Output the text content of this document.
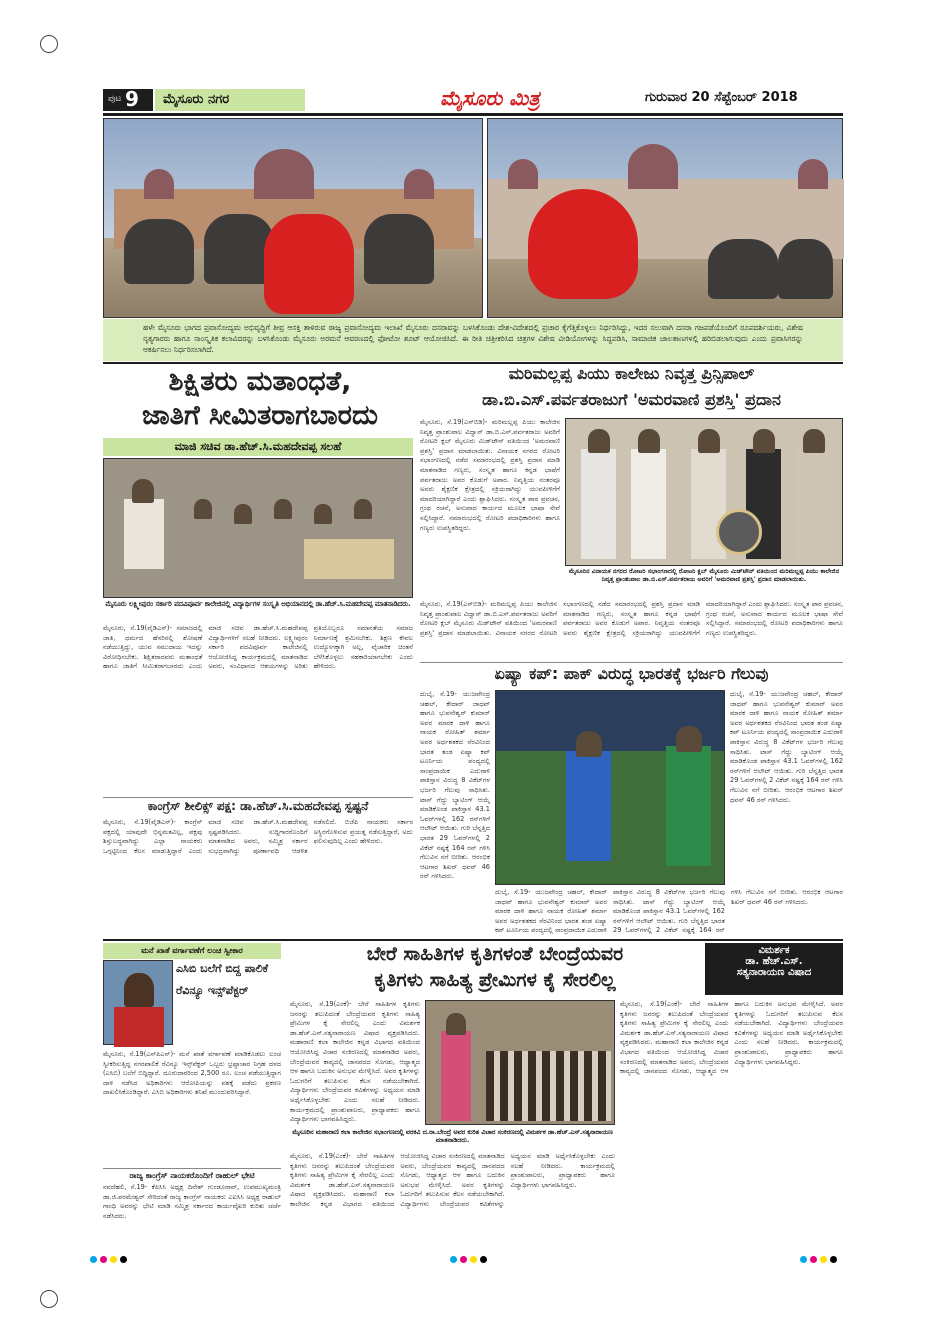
ಪುಟ 9	ಮೈಸೂರು ನಗರ	ಮೈಸೂರು ಮಿತ್ರ	ಗುರುವಾರ 20 ಸೆಪ್ಟೆಂಬರ್ 2018
ಹಳೇ ಮೈಸೂರು ಭಾಗದ ಪ್ರವಾಸೋದ್ಯಮ ಅಭಿವೃದ್ಧಿಗೆ ತೀವ್ರ ಆಸಕ್ತಿ ತಾಳಿರುವ ರಾಜ್ಯ ಪ್ರವಾಸೋದ್ಯಮ ಇಲಾಖೆ ಮೈಸೂರು ದಸರಾವನ್ನು ಬಳಸಿಕೊಂಡು ದೇಶ-ವಿದೇಶದಲ್ಲಿ ಪ್ರಚಾರ ಕೈಗೆತ್ತಿಕೊಳ್ಳಲು ನಿರ್ಧರಿಸಿದ್ದು, ಇದರ ಸಲುವಾಗಿ ದಸರಾ ಗಜಪಡೆಯೊಂದಿಗೆ ರೂಪದರ್ಶಿಯರು, ವಿಶೇಷ ನೃತ್ಯಗಾರರು ಹಾಗೂ ಸಾಂಸ್ಕೃತಿಕ ಕಲಾವಿದರನ್ನು ಬಳಸಿಕೊಂಡು ಮೈಸೂರು ಅರಮನೆ ಆವರಣದಲ್ಲಿ ಫೋಟೋ ಶೂಟ್ ಆಯೋಜಿಸಿದೆ. ಈ ರೀತಿ ಚಿತ್ರೀಕರಿಸಿದ ಚಿತ್ರಗಳ ವಿಶೇಷ ವೀಡಿಯೋಗಳನ್ನು ಸಿದ್ಧಪಡಿಸಿ, ಸಾಮಾಜಿಕ ಜಾಲತಾಣಗಳಲ್ಲಿ ಹರಿಬಿಡಲಾಗುವುದು ಎಂದು ಪ್ರವಾಸಿಗರನ್ನು ಆಕರ್ಷಿಸಲು ನಿರ್ಧರಿಸಲಾಗಿದೆ.
ಶಿಕ್ಷಿತರು ಮತಾಂಧತೆ,
ಜಾತಿಗೆ ಸೀಮಿತರಾಗಬಾರದು
ಮಾಜಿ ಸಚಿವ ಡಾ.ಹೆಚ್.ಸಿ.ಮಹದೇವಪ್ಪ ಸಲಹೆ
ಮೈಸೂರು ಲಕ್ಷ್ಮೀಪುರಂ ಸರ್ಕಾರಿ ಪದವಿಪೂರ್ವ ಕಾಲೇಜಿನಲ್ಲಿ ವಿದ್ಯಾರ್ಥಿಗಳ ಸಂಸ್ಕೃತಿ ಅಭಿಯಾನದಲ್ಲಿ ಡಾ.ಹೆಚ್.ಸಿ.ಮಹದೇವಪ್ಪ ಮಾತನಾಡಿದರು.
ಮೈಸೂರು, ಸೆ.19(ವೈಡಿಎಸ್)- ಸಮಾಜದಲ್ಲಿ ಜಾತಿ, ಧರ್ಮದ ಹೆಸರಿನಲ್ಲಿ ಶೋಷಣೆ ನಡೆಯುತ್ತಿದ್ದು, ಯುವ ಸಮುದಾಯ ಇದನ್ನು ವಿರೋಧಿಸಬೇಕು. ಶಿಕ್ಷಿತರಾದವರು ಮತಾಂಧತೆ ಹಾಗೂ ಜಾತಿಗೆ ಸೀಮಿತರಾಗಬಾರದು ಎಂದು ಮಾಜಿ ಸಚಿವ ಡಾ.ಹೆಚ್.ಸಿ.ಮಹದೇವಪ್ಪ ವಿದ್ಯಾರ್ಥಿಗಳಿಗೆ ಸಲಹೆ ನೀಡಿದರು. ಲಕ್ಷ್ಮೀಪುರಂ ಸರ್ಕಾರಿ ಪದವಿಪೂರ್ವ ಕಾಲೇಜಿನಲ್ಲಿ ಆಯೋಜಿಸಿದ್ದ ಕಾರ್ಯಕ್ರಮದಲ್ಲಿ ಮಾತನಾಡಿದ ಅವರು, ಸಂವಿಧಾನದ ಆಶಯಗಳನ್ನು ಅರಿತು ಪ್ರತಿಯೊಬ್ಬರೂ ಸಮಾನತೆಯ ಸಮಾಜ ನಿರ್ಮಾಣಕ್ಕೆ ಶ್ರಮಿಸಬೇಕು. ಶಿಕ್ಷಣ ಕೇವಲ ಉದ್ಯೋಗಕ್ಕಾಗಿ ಅಲ್ಲ, ವೈಚಾರಿಕ ಚಿಂತನೆ ಬೆಳೆಸಿಕೊಳ್ಳಲು ಸಹಕಾರಿಯಾಗಬೇಕು ಎಂದು ಹೇಳಿದರು.
ಮರಿಮಲ್ಲಪ್ಪ ಪಿಯು ಕಾಲೇಜು ನಿವೃತ್ತ ಪ್ರಿನ್ಸಿಪಾಲ್
ಡಾ.ಬಿ.ಎಸ್.ಪರ್ವತರಾಜುಗೆ 'ಅಮರವಾಣಿ ಪ್ರಶಸ್ತಿ' ಪ್ರದಾನ
ಮೈಸೂರಿನ ವಿನಾಯಕ ನಗರದ ರೋಟರಿ ಸಭಾಂಗಣದಲ್ಲಿ ರೋಟರಿ ಕ್ಲಬ್ ಮೈಸೂರು ಮಿಡ್‌ಟೌನ್ ವತಿಯಿಂದ ಮರಿಮಲ್ಲಪ್ಪ ಪಿಯು ಕಾಲೇಜಿನ ನಿವೃತ್ತ ಪ್ರಾಂಶುಪಾಲ ಡಾ.ಬಿ.ಎಸ್.ಪರ್ವತರಾಜು ಅವರಿಗೆ 'ಅಮರವಾಣಿ ಪ್ರಶಸ್ತಿ' ಪ್ರದಾನ ಮಾಡಲಾಯಿತು.
ಮೈಸೂರು, ಸೆ.19(ಎಸ್‌ಬಿಡಿ)- ಮರಿಮಲ್ಲಪ್ಪ ಪಿಯು ಕಾಲೇಜಿನ ನಿವೃತ್ತ ಪ್ರಾಂಶುಪಾಲ ವಿದ್ವಾನ್ ಡಾ.ಬಿ.ಎಸ್.ಪರ್ವತರಾಜು ಅವರಿಗೆ ರೋಟರಿ ಕ್ಲಬ್ ಮೈಸೂರು ಮಿಡ್‌ಟೌನ್ ವತಿಯಿಂದ 'ಅಮರವಾಣಿ ಪ್ರಶಸ್ತಿ' ಪ್ರದಾನ ಮಾಡಲಾಯಿತು. ವಿನಾಯಕ ನಗರದ ರೋಟರಿ ಸಭಾಂಗಣದಲ್ಲಿ ನಡೆದ ಸಮಾರಂಭದಲ್ಲಿ ಪ್ರಶಸ್ತಿ ಪ್ರದಾನ ಮಾಡಿ ಮಾತನಾಡಿದ ಗಣ್ಯರು, ಸಂಸ್ಕೃತ ಹಾಗೂ ಕನ್ನಡ ಭಾಷೆಗೆ ಪರ್ವತರಾಜು ಅವರ ಕೊಡುಗೆ ಅಪಾರ. ನಿವೃತ್ತಿಯ ನಂತರವೂ ಅವರು ಶೈಕ್ಷಣಿಕ ಕ್ಷೇತ್ರದಲ್ಲಿ ಸಕ್ರಿಯರಾಗಿದ್ದು ಯುವಪೀಳಿಗೆಗೆ ಮಾದರಿಯಾಗಿದ್ದಾರೆ ಎಂದು ಶ್ಲಾಘಿಸಿದರು. ಸಂಸ್ಕೃತ ಪಾಠ ಪ್ರವಚನ, ಗ್ರಂಥ ರಚನೆ, ಅನುವಾದ ಕಾರ್ಯದ ಮೂಲಕ ಭಾಷಾ ಸೇವೆ ಸಲ್ಲಿಸಿದ್ದಾರೆ. ಸಮಾರಂಭದಲ್ಲಿ ರೋಟರಿ ಪದಾಧಿಕಾರಿಗಳು ಹಾಗೂ ಗಣ್ಯರು ಉಪಸ್ಥಿತರಿದ್ದರು.
ಮೈಸೂರು, ಸೆ.19(ಎಸ್‌ಬಿಡಿ)- ಮರಿಮಲ್ಲಪ್ಪ ಪಿಯು ಕಾಲೇಜಿನ ನಿವೃತ್ತ ಪ್ರಾಂಶುಪಾಲ ವಿದ್ವಾನ್ ಡಾ.ಬಿ.ಎಸ್.ಪರ್ವತರಾಜು ಅವರಿಗೆ ರೋಟರಿ ಕ್ಲಬ್ ಮೈಸೂರು ಮಿಡ್‌ಟೌನ್ ವತಿಯಿಂದ 'ಅಮರವಾಣಿ ಪ್ರಶಸ್ತಿ' ಪ್ರದಾನ ಮಾಡಲಾಯಿತು. ವಿನಾಯಕ ನಗರದ ರೋಟರಿ ಸಭಾಂಗಣದಲ್ಲಿ ನಡೆದ ಸಮಾರಂಭದಲ್ಲಿ ಪ್ರಶಸ್ತಿ ಪ್ರದಾನ ಮಾಡಿ ಮಾತನಾಡಿದ ಗಣ್ಯರು, ಸಂಸ್ಕೃತ ಹಾಗೂ ಕನ್ನಡ ಭಾಷೆಗೆ ಪರ್ವತರಾಜು ಅವರ ಕೊಡುಗೆ ಅಪಾರ. ನಿವೃತ್ತಿಯ ನಂತರವೂ ಅವರು ಶೈಕ್ಷಣಿಕ ಕ್ಷೇತ್ರದಲ್ಲಿ ಸಕ್ರಿಯರಾಗಿದ್ದು ಯುವಪೀಳಿಗೆಗೆ ಮಾದರಿಯಾಗಿದ್ದಾರೆ ಎಂದು ಶ್ಲಾಘಿಸಿದರು. ಸಂಸ್ಕೃತ ಪಾಠ ಪ್ರವಚನ, ಗ್ರಂಥ ರಚನೆ, ಅನುವಾದ ಕಾರ್ಯದ ಮೂಲಕ ಭಾಷಾ ಸೇವೆ ಸಲ್ಲಿಸಿದ್ದಾರೆ. ಸಮಾರಂಭದಲ್ಲಿ ರೋಟರಿ ಪದಾಧಿಕಾರಿಗಳು ಹಾಗೂ ಗಣ್ಯರು ಉಪಸ್ಥಿತರಿದ್ದರು.
ಏಷ್ಯಾ ಕಪ್: ಪಾಕ್ ವಿರುದ್ಧ ಭಾರತಕ್ಕೆ ಭರ್ಜರಿ ಗೆಲುವು
ದುಬೈ, ಸೆ.19- ಯುಜವೇಂದ್ರ ಚಹಲ್, ಕೇದಾರ್ ಜಾಧವ್ ಹಾಗೂ ಭುವನೇಶ್ವರ್ ಕುಮಾರ್ ಅವರ ಮಾರಕ ದಾಳಿ ಹಾಗೂ ನಾಯಕ ರೋಹಿತ್ ಶರ್ಮಾ ಅವರ ಅರ್ಧಶತಕದ ನೆರವಿನಿಂದ ಭಾರತ ತಂಡ ಏಷ್ಯಾ ಕಪ್ ಟೂರ್ನಿಯ ಪಂದ್ಯದಲ್ಲಿ ಸಾಂಪ್ರದಾಯಿಕ ಎದುರಾಳಿ ಪಾಕಿಸ್ತಾನ ವಿರುದ್ಧ 8 ವಿಕೆಟ್‌ಗಳ ಭರ್ಜರಿ ಗೆಲುವು ಸಾಧಿಸಿತು. ಟಾಸ್ ಗೆದ್ದು ಬ್ಯಾಟಿಂಗ್ ಆಯ್ಕೆ ಮಾಡಿಕೊಂಡ ಪಾಕಿಸ್ತಾನ 43.1 ಓವರ್‌ಗಳಲ್ಲಿ 162 ರನ್‌ಗಳಿಗೆ ಆಲೌಟ್ ಆಯಿತು. ಗುರಿ ಬೆನ್ನತ್ತಿದ ಭಾರತ 29 ಓವರ್‌ಗಳಲ್ಲಿ 2 ವಿಕೆಟ್ ನಷ್ಟಕ್ಕೆ 164 ರನ್ ಗಳಿಸಿ ಗೆಲುವಿನ ನಗೆ ಬೀರಿತು. ಆರಂಭಿಕ ಆಟಗಾರ ಶಿಖರ್ ಧವನ್ 46 ರನ್ ಗಳಿಸಿದರು.
ದುಬೈ, ಸೆ.19- ಯುಜವೇಂದ್ರ ಚಹಲ್, ಕೇದಾರ್ ಜಾಧವ್ ಹಾಗೂ ಭುವನೇಶ್ವರ್ ಕುಮಾರ್ ಅವರ ಮಾರಕ ದಾಳಿ ಹಾಗೂ ನಾಯಕ ರೋಹಿತ್ ಶರ್ಮಾ ಅವರ ಅರ್ಧಶತಕದ ನೆರವಿನಿಂದ ಭಾರತ ತಂಡ ಏಷ್ಯಾ ಕಪ್ ಟೂರ್ನಿಯ ಪಂದ್ಯದಲ್ಲಿ ಸಾಂಪ್ರದಾಯಿಕ ಎದುರಾಳಿ ಪಾಕಿಸ್ತಾನ ವಿರುದ್ಧ 8 ವಿಕೆಟ್‌ಗಳ ಭರ್ಜರಿ ಗೆಲುವು ಸಾಧಿಸಿತು. ಟಾಸ್ ಗೆದ್ದು ಬ್ಯಾಟಿಂಗ್ ಆಯ್ಕೆ ಮಾಡಿಕೊಂಡ ಪಾಕಿಸ್ತಾನ 43.1 ಓವರ್‌ಗಳಲ್ಲಿ 162 ರನ್‌ಗಳಿಗೆ ಆಲೌಟ್ ಆಯಿತು. ಗುರಿ ಬೆನ್ನತ್ತಿದ ಭಾರತ 29 ಓವರ್‌ಗಳಲ್ಲಿ 2 ವಿಕೆಟ್ ನಷ್ಟಕ್ಕೆ 164 ರನ್ ಗಳಿಸಿ ಗೆಲುವಿನ ನಗೆ ಬೀರಿತು. ಆರಂಭಿಕ ಆಟಗಾರ ಶಿಖರ್ ಧವನ್ 46 ರನ್ ಗಳಿಸಿದರು.
ದುಬೈ, ಸೆ.19- ಯುಜವೇಂದ್ರ ಚಹಲ್, ಕೇದಾರ್ ಜಾಧವ್ ಹಾಗೂ ಭುವನೇಶ್ವರ್ ಕುಮಾರ್ ಅವರ ಮಾರಕ ದಾಳಿ ಹಾಗೂ ನಾಯಕ ರೋಹಿತ್ ಶರ್ಮಾ ಅವರ ಅರ್ಧಶತಕದ ನೆರವಿನಿಂದ ಭಾರತ ತಂಡ ಏಷ್ಯಾ ಕಪ್ ಟೂರ್ನಿಯ ಪಂದ್ಯದಲ್ಲಿ ಸಾಂಪ್ರದಾಯಿಕ ಎದುರಾಳಿ ಪಾಕಿಸ್ತಾನ ವಿರುದ್ಧ 8 ವಿಕೆಟ್‌ಗಳ ಭರ್ಜರಿ ಗೆಲುವು ಸಾಧಿಸಿತು. ಟಾಸ್ ಗೆದ್ದು ಬ್ಯಾಟಿಂಗ್ ಆಯ್ಕೆ ಮಾಡಿಕೊಂಡ ಪಾಕಿಸ್ತಾನ 43.1 ಓವರ್‌ಗಳಲ್ಲಿ 162 ರನ್‌ಗಳಿಗೆ ಆಲೌಟ್ ಆಯಿತು. ಗುರಿ ಬೆನ್ನತ್ತಿದ ಭಾರತ 29 ಓವರ್‌ಗಳಲ್ಲಿ 2 ವಿಕೆಟ್ ನಷ್ಟಕ್ಕೆ 164 ರನ್ ಗಳಿಸಿ ಗೆಲುವಿನ ನಗೆ ಬೀರಿತು. ಆರಂಭಿಕ ಆಟಗಾರ ಶಿಖರ್ ಧವನ್ 46 ರನ್ ಗಳಿಸಿದರು.
ಕಾಂಗ್ರೆಸ್ ಶೀಲಿಕ್ಸ್ ಪಕ್ಷ: ಡಾ.ಹೆಚ್.ಸಿ.ಮಹದೇವಪ್ಪ ಸ್ಪಷ್ಟನೆ
ಮೈಸೂರು, ಸೆ.19(ವೈಡಿಎಸ್)- ಕಾಂಗ್ರೆಸ್ ಪಕ್ಷದಲ್ಲಿ ಯಾವುದೇ ಭಿನ್ನಮತವಿಲ್ಲ, ಪಕ್ಷವು ಶಿಸ್ತುಬದ್ಧವಾಗಿದ್ದು ಎಲ್ಲಾ ನಾಯಕರು ಒಗ್ಗಟ್ಟಿನಿಂದ ಕೆಲಸ ಮಾಡುತ್ತಿದ್ದಾರೆ ಎಂದು ಮಾಜಿ ಸಚಿವ ಡಾ.ಹೆಚ್.ಸಿ.ಮಹದೇವಪ್ಪ ಸ್ಪಷ್ಟಪಡಿಸಿದರು. ಸುದ್ದಿಗಾರರೊಂದಿಗೆ ಮಾತನಾಡಿದ ಅವರು, ಸಮ್ಮಿಶ್ರ ಸರ್ಕಾರ ಸುಭದ್ರವಾಗಿದ್ದು ಪೂರ್ಣಾವಧಿ ಆಡಳಿತ ನಡೆಸಲಿದೆ. ಬಿಜೆಪಿ ನಾಯಕರು ಸರ್ಕಾರ ಅಸ್ಥಿರಗೊಳಿಸುವ ಪ್ರಯತ್ನ ನಡೆಸುತ್ತಿದ್ದಾರೆ, ಅದು ಫಲಿಸುವುದಿಲ್ಲ ಎಂದು ಹೇಳಿದರು.
ಮನೆ ಖಾತೆ ವರ್ಗಾವಣೆಗೆ ಲಂಚ ಸ್ವೀಕಾರ
ಎಸಿಬಿ ಬಲೆಗೆ ಬಿದ್ದ ಪಾಲಿಕೆ
ರೆವಿನ್ಯೂ ಇನ್ಸ್‌ಪೆಕ್ಟರ್
ಮೈಸೂರು, ಸೆ.19(ಎಸ್‌ಪಿಎನ್)- ಮನೆ ಖಾತೆ ವರ್ಗಾವಣೆ ಮಾಡಿಕೊಡಲು ಲಂಚ ಸ್ವೀಕರಿಸುತ್ತಿದ್ದ ನಗರಪಾಲಿಕೆ ರೆವಿನ್ಯೂ ಇನ್ಸ್‌ಪೆಕ್ಟರ್ ಒಬ್ಬರು ಭ್ರಷ್ಟಾಚಾರ ನಿಗ್ರಹ ದಳದ (ಎಸಿಬಿ) ಬಲೆಗೆ ಬಿದ್ದಿದ್ದಾರೆ. ದೂರುದಾರರಿಂದ 2,500 ರೂ. ಲಂಚ ಪಡೆಯುತ್ತಿದ್ದಾಗ ದಾಳಿ ನಡೆಸಿದ ಅಧಿಕಾರಿಗಳು ಆರೋಪಿಯನ್ನು ವಶಕ್ಕೆ ಪಡೆದು ಪ್ರಕರಣ ದಾಖಲಿಸಿಕೊಂಡಿದ್ದಾರೆ. ಎಸಿಬಿ ಅಧಿಕಾರಿಗಳು ತನಿಖೆ ಮುಂದುವರಿಸಿದ್ದಾರೆ.
ರಾಜ್ಯ ಕಾಂಗ್ರೆಸ್ ನಾಯಕರೊಂದಿಗೆ ರಾಹುಲ್ ಭೇಟಿ
ನವದೆಹಲಿ, ಸೆ.19- ಕೆಪಿಸಿಸಿ ಅಧ್ಯಕ್ಷ ದಿನೇಶ್ ಗುಂಡೂರಾವ್, ಉಪಮುಖ್ಯಮಂತ್ರಿ ಡಾ.ಜಿ.ಪರಮೇಶ್ವರ್ ಸೇರಿದಂತೆ ರಾಜ್ಯ ಕಾಂಗ್ರೆಸ್ ನಾಯಕರು ಎಐಸಿಸಿ ಅಧ್ಯಕ್ಷ ರಾಹುಲ್ ಗಾಂಧಿ ಅವರನ್ನು ಭೇಟಿ ಮಾಡಿ ಸಮ್ಮಿಶ್ರ ಸರ್ಕಾರದ ಕಾರ್ಯವೈಖರಿ ಕುರಿತು ಚರ್ಚೆ ನಡೆಸಿದರು.
ಬೇರೆ ಸಾಹಿತಿಗಳ ಕೃತಿಗಳಂತೆ ಬೇಂದ್ರೆಯವರ
ಕೃತಿಗಳು ಸಾಹಿತ್ಯ ಪ್ರೇಮಿಗಳ ಕೈ ಸೇರಲಿಲ್ಲ
ವಿಮರ್ಶಕ
ಡಾ. ಹೆಚ್.ಎಸ್.
ಸತ್ಯನಾರಾಯಣ ವಿಷಾದ
ಮೈಸೂರಿನ ಮಹಾರಾಣಿ ಕಲಾ ಕಾಲೇಜಿನ ಸಭಾಂಗಣದಲ್ಲಿ ವರಕವಿ ದ.ರಾ.ಬೇಂದ್ರೆ ಅವರ ಕುರಿತ ವಿಚಾರ ಸಂಕಿರಣದಲ್ಲಿ ವಿಮರ್ಶಕ ಡಾ.ಹೆಚ್.ಎಸ್.ಸತ್ಯನಾರಾಯಣ ಮಾತನಾಡಿದರು.
ಮೈಸೂರು, ಸೆ.19(ಎಂಕೆ)- ಬೇರೆ ಸಾಹಿತಿಗಳ ಕೃತಿಗಳು ಜನರನ್ನು ತಲುಪಿದಂತೆ ಬೇಂದ್ರೆಯವರ ಕೃತಿಗಳು ಸಾಹಿತ್ಯ ಪ್ರೇಮಿಗಳ ಕೈ ಸೇರಲಿಲ್ಲ ಎಂದು ವಿಮರ್ಶಕ ಡಾ.ಹೆಚ್.ಎಸ್.ಸತ್ಯನಾರಾಯಣ ವಿಷಾದ ವ್ಯಕ್ತಪಡಿಸಿದರು. ಮಹಾರಾಣಿ ಕಲಾ ಕಾಲೇಜಿನ ಕನ್ನಡ ವಿಭಾಗದ ವತಿಯಿಂದ ಆಯೋಜಿಸಿದ್ದ ವಿಚಾರ ಸಂಕಿರಣದಲ್ಲಿ ಮಾತನಾಡಿದ ಅವರು, ಬೇಂದ್ರೆಯವರ ಕಾವ್ಯದಲ್ಲಿ ಜಾನಪದದ ಸೊಗಡು, ಆಧ್ಯಾತ್ಮದ ಆಳ ಹಾಗೂ ಬದುಕಿನ ಅನುಭವ ಮೇಳೈಸಿದೆ. ಅವರ ಕೃತಿಗಳನ್ನು ಓದುಗರಿಗೆ ತಲುಪಿಸುವ ಕೆಲಸ ನಡೆಯಬೇಕಾಗಿದೆ. ವಿದ್ಯಾರ್ಥಿಗಳು ಬೇಂದ್ರೆಯವರ ಕವಿತೆಗಳನ್ನು ಅಧ್ಯಯನ ಮಾಡಿ ಅರ್ಥೈಸಿಕೊಳ್ಳಬೇಕು ಎಂದು ಸಲಹೆ ನೀಡಿದರು. ಕಾರ್ಯಕ್ರಮದಲ್ಲಿ ಪ್ರಾಂಶುಪಾಲರು, ಪ್ರಾಧ್ಯಾಪಕರು ಹಾಗೂ ವಿದ್ಯಾರ್ಥಿಗಳು ಭಾಗವಹಿಸಿದ್ದರು.
ಮೈಸೂರು, ಸೆ.19(ಎಂಕೆ)- ಬೇರೆ ಸಾಹಿತಿಗಳ ಕೃತಿಗಳು ಜನರನ್ನು ತಲುಪಿದಂತೆ ಬೇಂದ್ರೆಯವರ ಕೃತಿಗಳು ಸಾಹಿತ್ಯ ಪ್ರೇಮಿಗಳ ಕೈ ಸೇರಲಿಲ್ಲ ಎಂದು ವಿಮರ್ಶಕ ಡಾ.ಹೆಚ್.ಎಸ್.ಸತ್ಯನಾರಾಯಣ ವಿಷಾದ ವ್ಯಕ್ತಪಡಿಸಿದರು. ಮಹಾರಾಣಿ ಕಲಾ ಕಾಲೇಜಿನ ಕನ್ನಡ ವಿಭಾಗದ ವತಿಯಿಂದ ಆಯೋಜಿಸಿದ್ದ ವಿಚಾರ ಸಂಕಿರಣದಲ್ಲಿ ಮಾತನಾಡಿದ ಅವರು, ಬೇಂದ್ರೆಯವರ ಕಾವ್ಯದಲ್ಲಿ ಜಾನಪದದ ಸೊಗಡು, ಆಧ್ಯಾತ್ಮದ ಆಳ ಹಾಗೂ ಬದುಕಿನ ಅನುಭವ ಮೇಳೈಸಿದೆ. ಅವರ ಕೃತಿಗಳನ್ನು ಓದುಗರಿಗೆ ತಲುಪಿಸುವ ಕೆಲಸ ನಡೆಯಬೇಕಾಗಿದೆ. ವಿದ್ಯಾರ್ಥಿಗಳು ಬೇಂದ್ರೆಯವರ ಕವಿತೆಗಳನ್ನು ಅಧ್ಯಯನ ಮಾಡಿ ಅರ್ಥೈಸಿಕೊಳ್ಳಬೇಕು ಎಂದು ಸಲಹೆ ನೀಡಿದರು. ಕಾರ್ಯಕ್ರಮದಲ್ಲಿ ಪ್ರಾಂಶುಪಾಲರು, ಪ್ರಾಧ್ಯಾಪಕರು ಹಾಗೂ ವಿದ್ಯಾರ್ಥಿಗಳು ಭಾಗವಹಿಸಿದ್ದರು.
ಮೈಸೂರು, ಸೆ.19(ಎಂಕೆ)- ಬೇರೆ ಸಾಹಿತಿಗಳ ಕೃತಿಗಳು ಜನರನ್ನು ತಲುಪಿದಂತೆ ಬೇಂದ್ರೆಯವರ ಕೃತಿಗಳು ಸಾಹಿತ್ಯ ಪ್ರೇಮಿಗಳ ಕೈ ಸೇರಲಿಲ್ಲ ಎಂದು ವಿಮರ್ಶಕ ಡಾ.ಹೆಚ್.ಎಸ್.ಸತ್ಯನಾರಾಯಣ ವಿಷಾದ ವ್ಯಕ್ತಪಡಿಸಿದರು. ಮಹಾರಾಣಿ ಕಲಾ ಕಾಲೇಜಿನ ಕನ್ನಡ ವಿಭಾಗದ ವತಿಯಿಂದ ಆಯೋಜಿಸಿದ್ದ ವಿಚಾರ ಸಂಕಿರಣದಲ್ಲಿ ಮಾತನಾಡಿದ ಅವರು, ಬೇಂದ್ರೆಯವರ ಕಾವ್ಯದಲ್ಲಿ ಜಾನಪದದ ಸೊಗಡು, ಆಧ್ಯಾತ್ಮದ ಆಳ ಹಾಗೂ ಬದುಕಿನ ಅನುಭವ ಮೇಳೈಸಿದೆ. ಅವರ ಕೃತಿಗಳನ್ನು ಓದುಗರಿಗೆ ತಲುಪಿಸುವ ಕೆಲಸ ನಡೆಯಬೇಕಾಗಿದೆ. ವಿದ್ಯಾರ್ಥಿಗಳು ಬೇಂದ್ರೆಯವರ ಕವಿತೆಗಳನ್ನು ಅಧ್ಯಯನ ಮಾಡಿ ಅರ್ಥೈಸಿಕೊಳ್ಳಬೇಕು ಎಂದು ಸಲಹೆ ನೀಡಿದರು. ಕಾರ್ಯಕ್ರಮದಲ್ಲಿ ಪ್ರಾಂಶುಪಾಲರು, ಪ್ರಾಧ್ಯಾಪಕರು ಹಾಗೂ ವಿದ್ಯಾರ್ಥಿಗಳು ಭಾಗವಹಿಸಿದ್ದರು.
